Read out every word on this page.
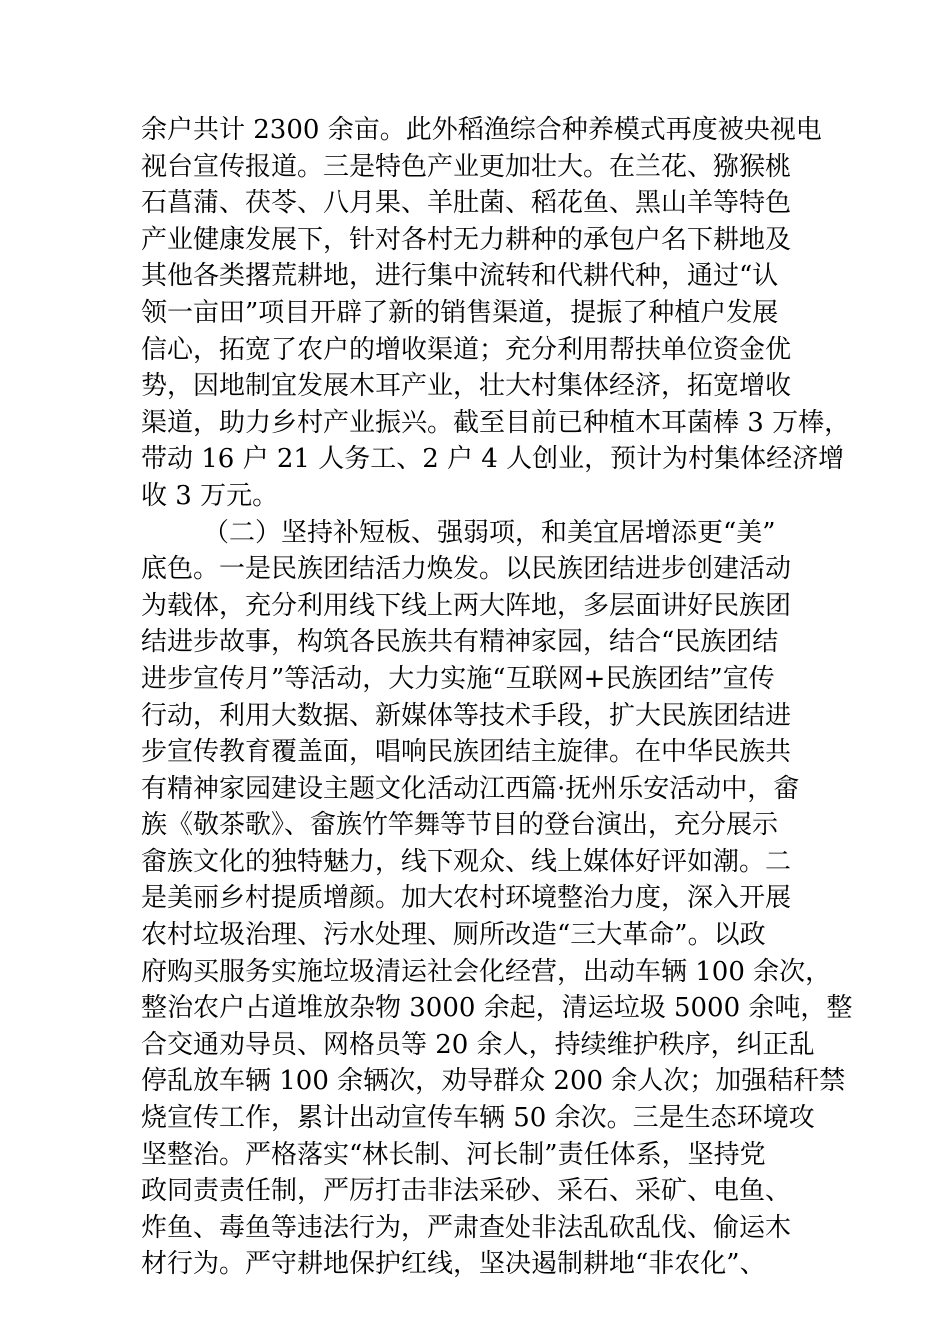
余户共计 2300 余亩。此外稻渔综合种养模式再度被央视电
视台宣传报道。三是特色产业更加壮大。在兰花、猕猴桃
石菖蒲、茯苓、八月果、羊肚菌、稻花鱼、黑山羊等特色
产业健康发展下，针对各村无力耕种的承包户名下耕地及
其他各类撂荒耕地，进行集中流转和代耕代种，通过“认
领一亩田”项目开辟了新的销售渠道，提振了种植户发展
信心，拓宽了农户的增收渠道；充分利用帮扶单位资金优
势，因地制宜发展木耳产业，壮大村集体经济，拓宽增收
渠道，助力乡村产业振兴。截至目前已种植木耳菌棒 3 万棒，
带动 16 户 21 人务工、2 户 4 人创业，预计为村集体经济增
收 3 万元。
（二）坚持补短板、强弱项，和美宜居增添更“美”
底色。一是民族团结活力焕发。以民族团结进步创建活动
为载体，充分利用线下线上两大阵地，多层面讲好民族团
结进步故事，构筑各民族共有精神家园，结合“民族团结
进步宣传月”等活动，大力实施“互联网+民族团结”宣传
行动，利用大数据、新媒体等技术手段，扩大民族团结进
步宣传教育覆盖面，唱响民族团结主旋律。在中华民族共
有精神家园建设主题文化活动江西篇·抚州乐安活动中，畲
族《敬茶歌》、畲族竹竿舞等节目的登台演出，充分展示
畲族文化的独特魅力，线下观众、线上媒体好评如潮。二
是美丽乡村提质增颜。加大农村环境整治力度，深入开展
农村垃圾治理、污水处理、厕所改造“三大革命”。以政
府购买服务实施垃圾清运社会化经营，出动车辆 100 余次，
整治农户占道堆放杂物 3000 余起，清运垃圾 5000 余吨，整
合交通劝导员、网格员等 20 余人，持续维护秩序，纠正乱
停乱放车辆 100 余辆次，劝导群众 200 余人次；加强秸秆禁
烧宣传工作，累计出动宣传车辆 50 余次。三是生态环境攻
坚整治。严格落实“林长制、河长制”责任体系，坚持党
政同责责任制，严厉打击非法采砂、采石、采矿、电鱼、
炸鱼、毒鱼等违法行为，严肃查处非法乱砍乱伐、偷运木
材行为。严守耕地保护红线，坚决遏制耕地“非农化”、
